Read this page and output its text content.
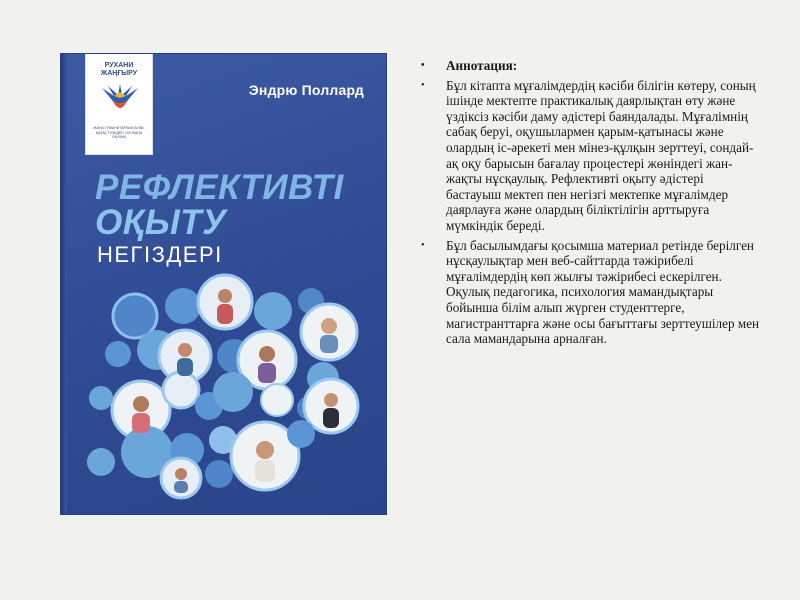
РУХАНИ ЖАҢҒЫРУ
ЖАҢА ГУМАНИТАРЛЫҚ БІЛІМ. ҚАЗАҚ ТІЛІНДЕГІ 100 ЖАҢА ОҚУЛЫҚ
Эндрю Поллард
РЕФЛЕКТИВТІ
ОҚЫТУ
НЕГІЗДЕРІ
• Аннотация:
• Бұл кітапта мұғалімдердің кәсіби білігін көтеру, соның ішінде мектепте практикалық даярлықтан өту және үздіксіз кәсіби даму әдістері баяндалады. Мұғалімнің сабақ беруі, оқушылармен қарым-қатынасы және олардың іс-әрекеті мен мінез-құлқын зерттеуі, сондай-ақ оқу барысын бағалау процестері жөніндегі жан-жақты нұсқаулық. Рефлективті оқыту әдістері бастауыш мектеп пен негізгі мектепке мұғалімдер даярлауға және олардың біліктілігін арттыруға мүмкіндік береді.
• Бұл басылымдағы қосымша материал ретінде берілген нұсқаулықтар мен веб-сайттарда тәжірибелі мұғалімдердің көп жылғы тәжірибесі ескерілген. Оқулық педагогика, психология мамандықтары бойынша білім алып жүрген студенттерге, магистранттарға және осы бағыттағы зерттеушілер мен сала мамандарына арналған.
